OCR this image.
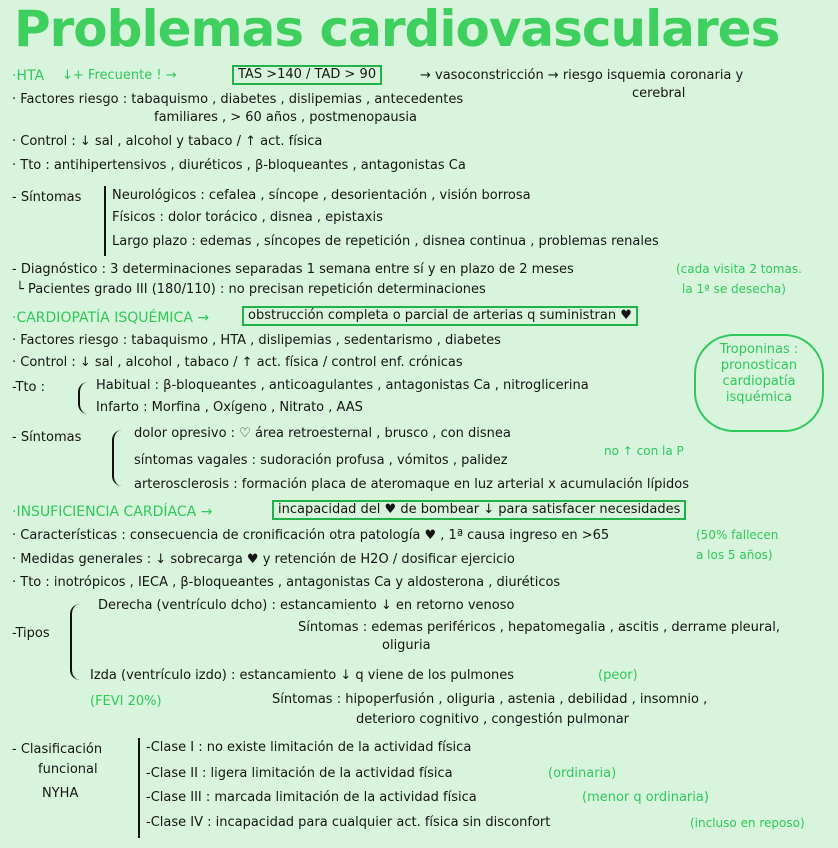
Problemas cardiovasculares
·HTA ↓+ Frecuente ! →	TAS >140 / TAD > 90	→ vasoconstricción → riesgo isquemia coronaria y
cerebral
· Factores riesgo : tabaquismo , diabetes , dislipemias , antecedentes
familiares , > 60 años , postmenopausia
· Control : ↓ sal , alcohol y tabaco / ↑ act. física
· Tto : antihipertensivos , diuréticos , β-bloqueantes , antagonistas Ca
- Síntomas Neurológicos : cefalea , síncope , desorientación , visión borrosa
Físicos : dolor torácico , disnea , epistaxis
Largo plazo : edemas , síncopes de repetición , disnea continua , problemas renales
- Diagnóstico : 3 determinaciones separadas 1 semana entre sí y en plazo de 2 meses	(cada visita 2 tomas.
└ Pacientes grado III (180/110) : no precisan repetición determinaciones	la 1ª se desecha)
·CARDIOPATÍA ISQUÉMICA →	obstrucción completa o parcial de arterias q suministran ♥
· Factores riesgo : tabaquismo , HTA , dislipemias , sedentarismo , diabetes
· Control : ↓ sal , alcohol , tabaco / ↑ act. física / control enf. crónicas
-Tto :	Habitual : β-bloqueantes , anticoagulantes , antagonistas Ca , nitroglicerina
Infarto : Morfina , Oxígeno , Nitrato , AAS
- Síntomas	dolor opresivo : ♡ área retroesternal , brusco , con disnea
no ↑ con la P
síntomas vagales : sudoración profusa , vómitos , palidez
arterosclerosis : formación placa de ateromaque en luz arterial x acumulación lípidos
Troponinas : pronostican cardiopatía isquémica
·INSUFICIENCIA CARDÍACA →	incapacidad del ♥ de bombear ↓ para satisfacer necesidades
· Características : consecuencia de cronificación otra patología ♥ , 1ª causa ingreso en >65	(50% fallecen
a los 5 años)
· Medidas generales : ↓ sobrecarga ♥ y retención de H2O / dosificar ejercicio
· Tto : inotrópicos , IECA , β-bloqueantes , antagonistas Ca y aldosterona , diuréticos
-Tipos
Derecha (ventrículo dcho) : estancamiento ↓ en retorno venoso
Síntomas : edemas periféricos , hepatomegalia , ascitis , derrame pleural,
oliguria
Izda (ventrículo izdo) : estancamiento ↓ q viene de los pulmones	(peor)
(FEVI 20%)	Síntomas : hipoperfusión , oliguria , astenia , debilidad , insomnio ,
deterioro cognitivo , congestión pulmonar
- Clasificación
funcional
NYHA
-Clase I : no existe limitación de la actividad física
-Clase II : ligera limitación de la actividad física	(ordinaria)
-Clase III : marcada limitación de la actividad física	(menor q ordinaria)
-Clase IV : incapacidad para cualquier act. física sin disconfort	(incluso en reposo)
